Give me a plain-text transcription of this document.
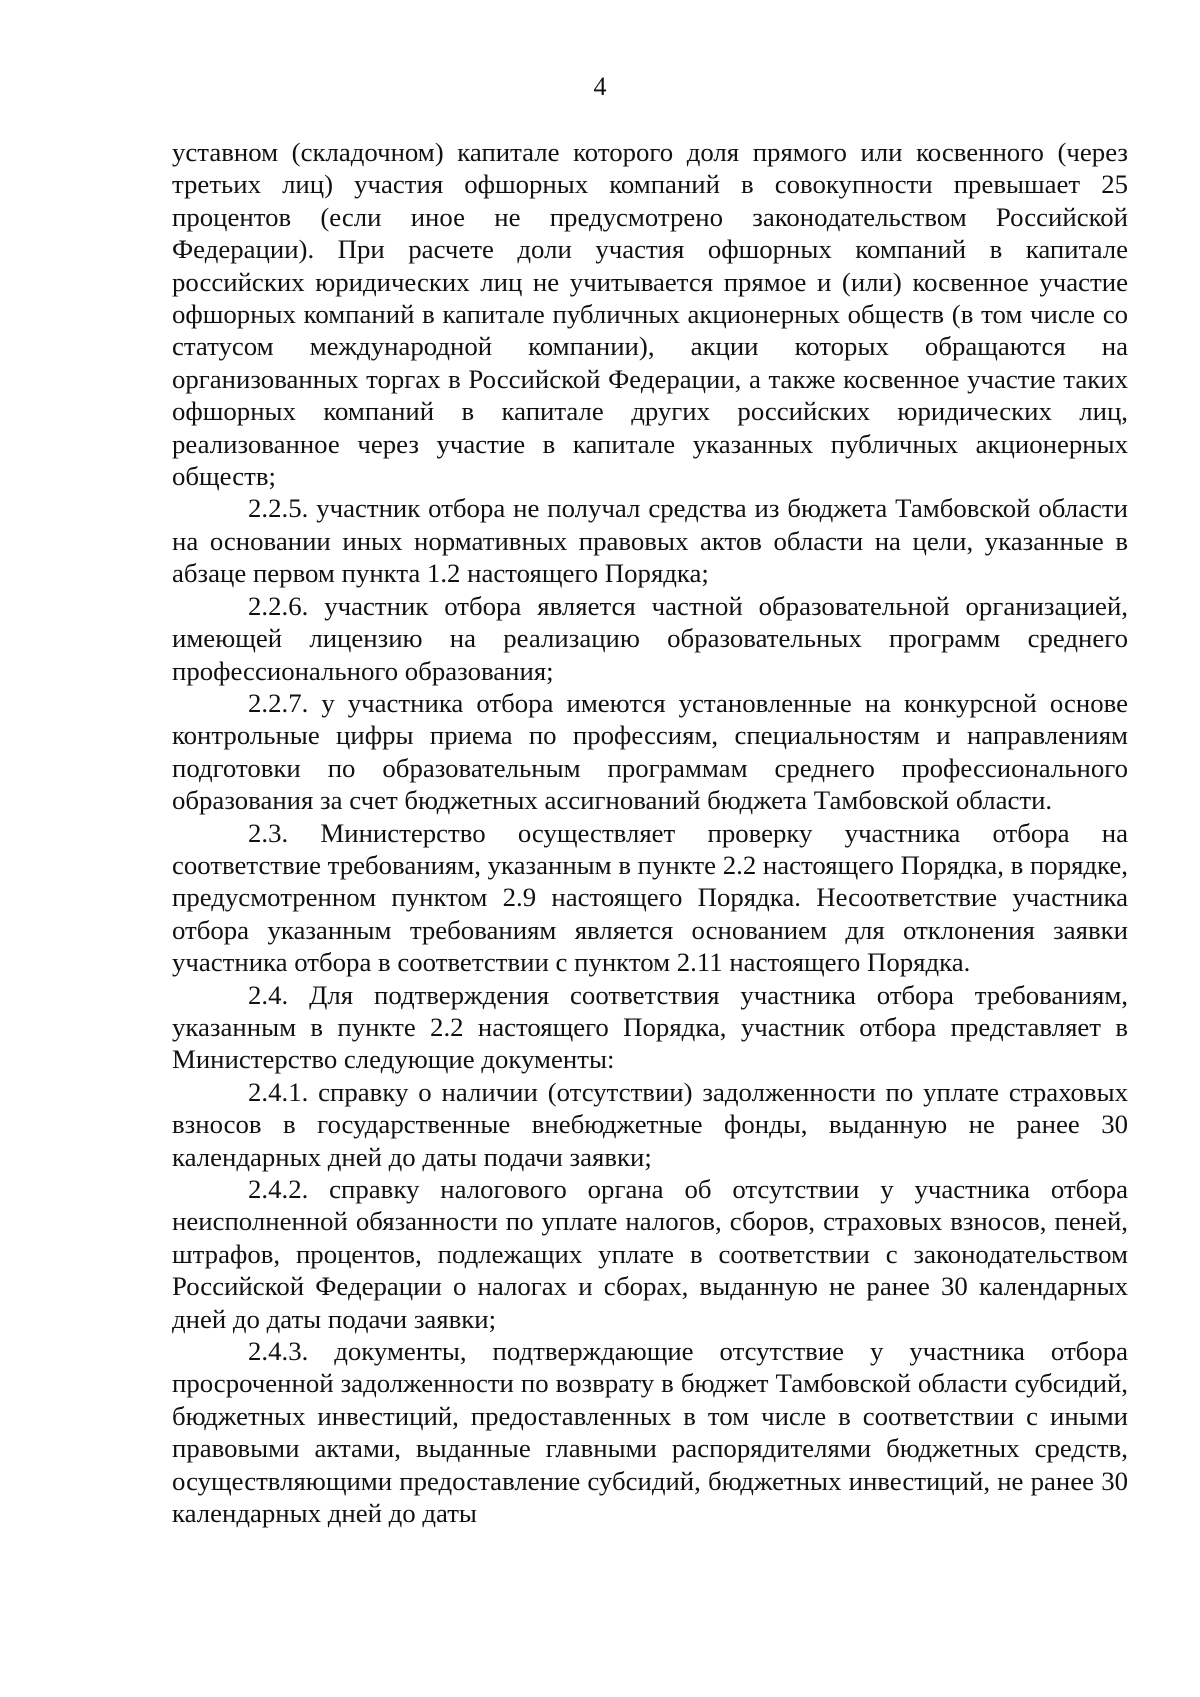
4

уставном (складочном) капитале которого доля прямого или косвенного (через третьих лиц) участия офшорных компаний в совокупности превышает 25 процентов (если иное не предусмотрено законодательством Российской Федерации). При расчете доли участия офшорных компаний в капитале российских юридических лиц не учитывается прямое и (или) косвенное участие офшорных компаний в капитале публичных акционерных обществ (в том числе со статусом международной компании), акции которых обращаются на организованных торгах в Российской Федерации, а также косвенное участие таких офшорных компаний в капитале других российских юридических лиц, реализованное через участие в капитале указанных публичных акционерных обществ;

2.2.5. участник отбора не получал средства из бюджета Тамбовской области на основании иных нормативных правовых актов области на цели, указанные в абзаце первом пункта 1.2 настоящего Порядка;

2.2.6. участник отбора является частной образовательной организацией, имеющей лицензию на реализацию образовательных программ среднего профессионального образования;

2.2.7. у участника отбора имеются установленные на конкурсной основе контрольные цифры приема по профессиям, специальностям и направлениям подготовки по образовательным программам среднего профессионального образования за счет бюджетных ассигнований бюджета Тамбовской области.

2.3. Министерство осуществляет проверку участника отбора на соответствие требованиям, указанным в пункте 2.2 настоящего Порядка, в порядке, предусмотренном пунктом 2.9 настоящего Порядка. Несоответствие участника отбора указанным требованиям является основанием для отклонения заявки участника отбора в соответствии с пунктом 2.11 настоящего Порядка.

2.4. Для подтверждения соответствия участника отбора требованиям, указанным в пункте 2.2 настоящего Порядка, участник отбора представляет в Министерство следующие документы:

2.4.1. справку о наличии (отсутствии) задолженности по уплате страховых взносов в государственные внебюджетные фонды, выданную не ранее 30 календарных дней до даты подачи заявки;

2.4.2. справку налогового органа об отсутствии у участника отбора неисполненной обязанности по уплате налогов, сборов, страховых взносов, пеней, штрафов, процентов, подлежащих уплате в соответствии с законодательством Российской Федерации о налогах и сборах, выданную не ранее 30 календарных дней до даты подачи заявки;

2.4.3. документы, подтверждающие отсутствие у участника отбора просроченной задолженности по возврату в бюджет Тамбовской области субсидий, бюджетных инвестиций, предоставленных в том числе в соответствии с иными правовыми актами, выданные главными распорядителями бюджетных средств, осуществляющими предоставление субсидий, бюджетных инвестиций, не ранее 30 календарных дней до даты
